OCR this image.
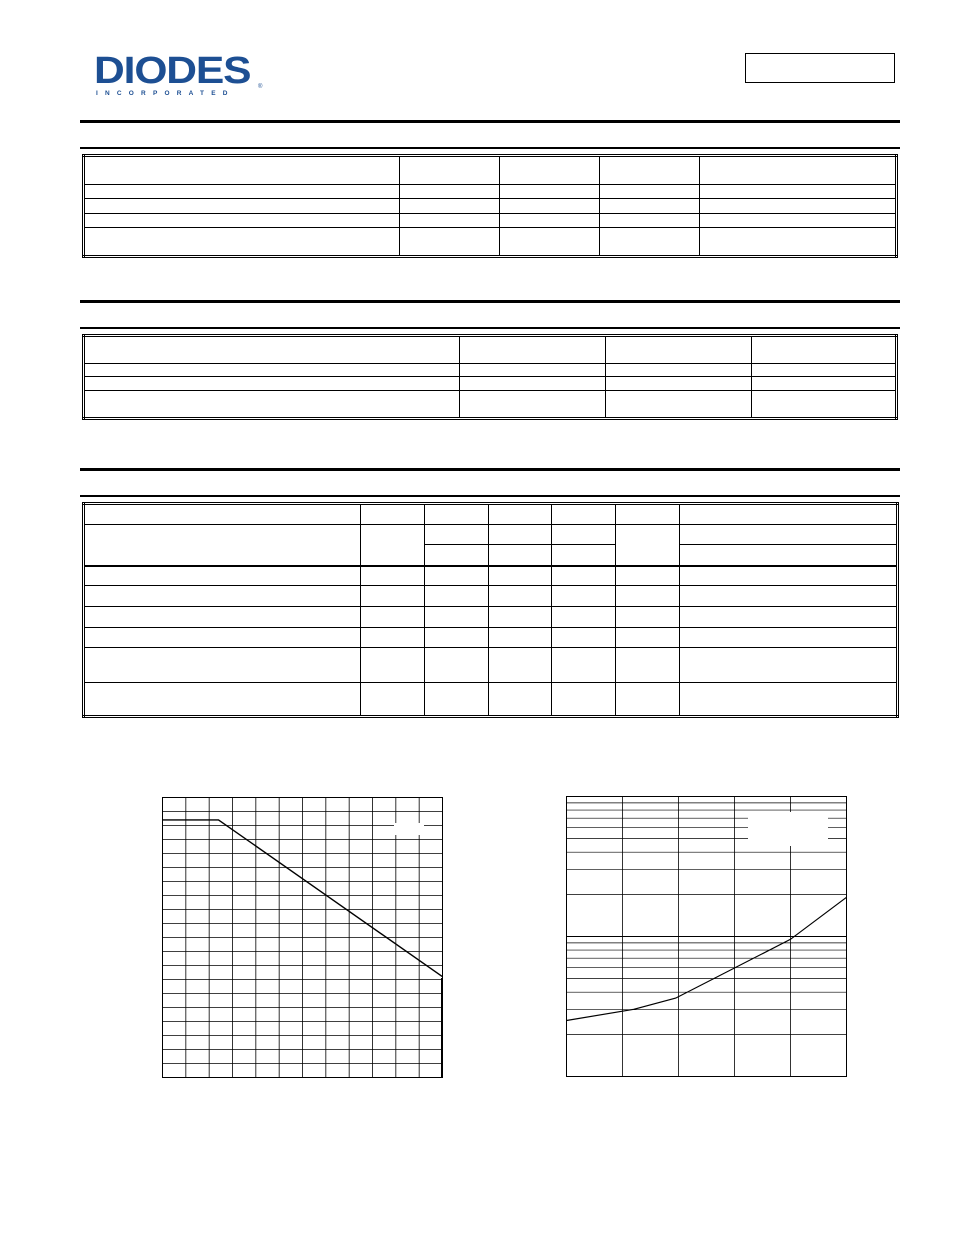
DIODES
INCORPORATED
®
